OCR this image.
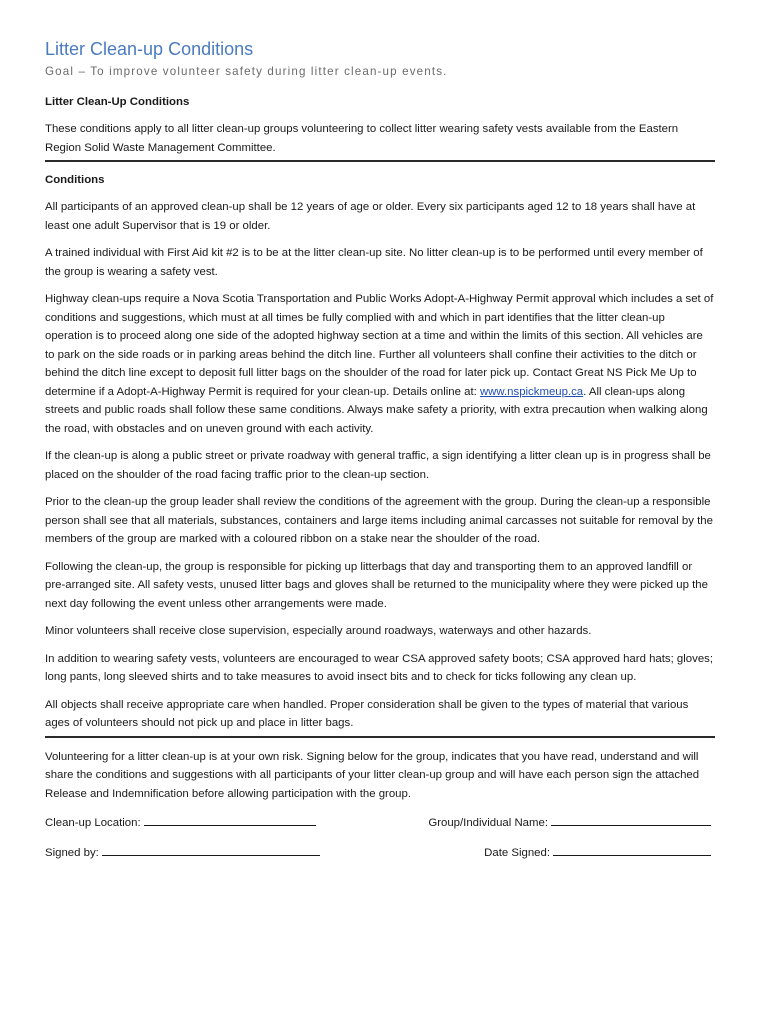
Litter Clean-up Conditions
Goal – To improve volunteer safety during litter clean-up events.
Litter Clean-Up Conditions

These conditions apply to all litter clean-up groups volunteering to collect litter wearing safety vests available from the Eastern Region Solid Waste Management Committee.

Conditions

All participants of an approved clean-up shall be 12 years of age or older. Every six participants aged 12 to 18 years shall have at least one adult Supervisor that is 19 or older.

A trained individual with First Aid kit #2 is to be at the litter clean-up site. No litter clean-up is to be performed until every member of the group is wearing a safety vest.

Highway clean-ups require a Nova Scotia Transportation and Public Works Adopt-A-Highway Permit approval which includes a set of conditions and suggestions, which must at all times be fully complied with and which in part identifies that the litter clean-up operation is to proceed along one side of the adopted highway section at a time and within the limits of this section. All vehicles are to park on the side roads or in parking areas behind the ditch line. Further all volunteers shall confine their activities to the ditch or behind the ditch line except to deposit full litter bags on the shoulder of the road for later pick up. Contact Great NS Pick Me Up to determine if a Adopt-A-Highway Permit is required for your clean-up. Details online at: www.nspickmeup.ca. All clean-ups along streets and public roads shall follow these same conditions. Always make safety a priority, with extra precaution when walking along the road, with obstacles and on uneven ground with each activity.

If the clean-up is along a public street or private roadway with general traffic, a sign identifying a litter clean up is in progress shall be placed on the shoulder of the road facing traffic prior to the clean-up section.

Prior to the clean-up the group leader shall review the conditions of the agreement with the group. During the clean-up a responsible person shall see that all materials, substances, containers and large items including animal carcasses not suitable for removal by the members of the group are marked with a coloured ribbon on a stake near the shoulder of the road.

Following the clean-up, the group is responsible for picking up litterbags that day and transporting them to an approved landfill or pre-arranged site. All safety vests, unused litter bags and gloves shall be returned to the municipality where they were picked up the next day following the event unless other arrangements were made.

Minor volunteers shall receive close supervision, especially around roadways, waterways and other hazards.

In addition to wearing safety vests, volunteers are encouraged to wear CSA approved safety boots; CSA approved hard hats; gloves; long pants, long sleeved shirts and to take measures to avoid insect bits and to check for ticks following any clean up.

All objects shall receive appropriate care when handled. Proper consideration shall be given to the types of material that various ages of volunteers should not pick up and place in litter bags.

Volunteering for a litter clean-up is at your own risk. Signing below for the group, indicates that you have read, understand and will share the conditions and suggestions with all participants of your litter clean-up group and will have each person sign the attached Release and Indemnification before allowing participation with the group.

Clean-up Location:	Group/Individual Name:
Signed by:	Date Signed:
